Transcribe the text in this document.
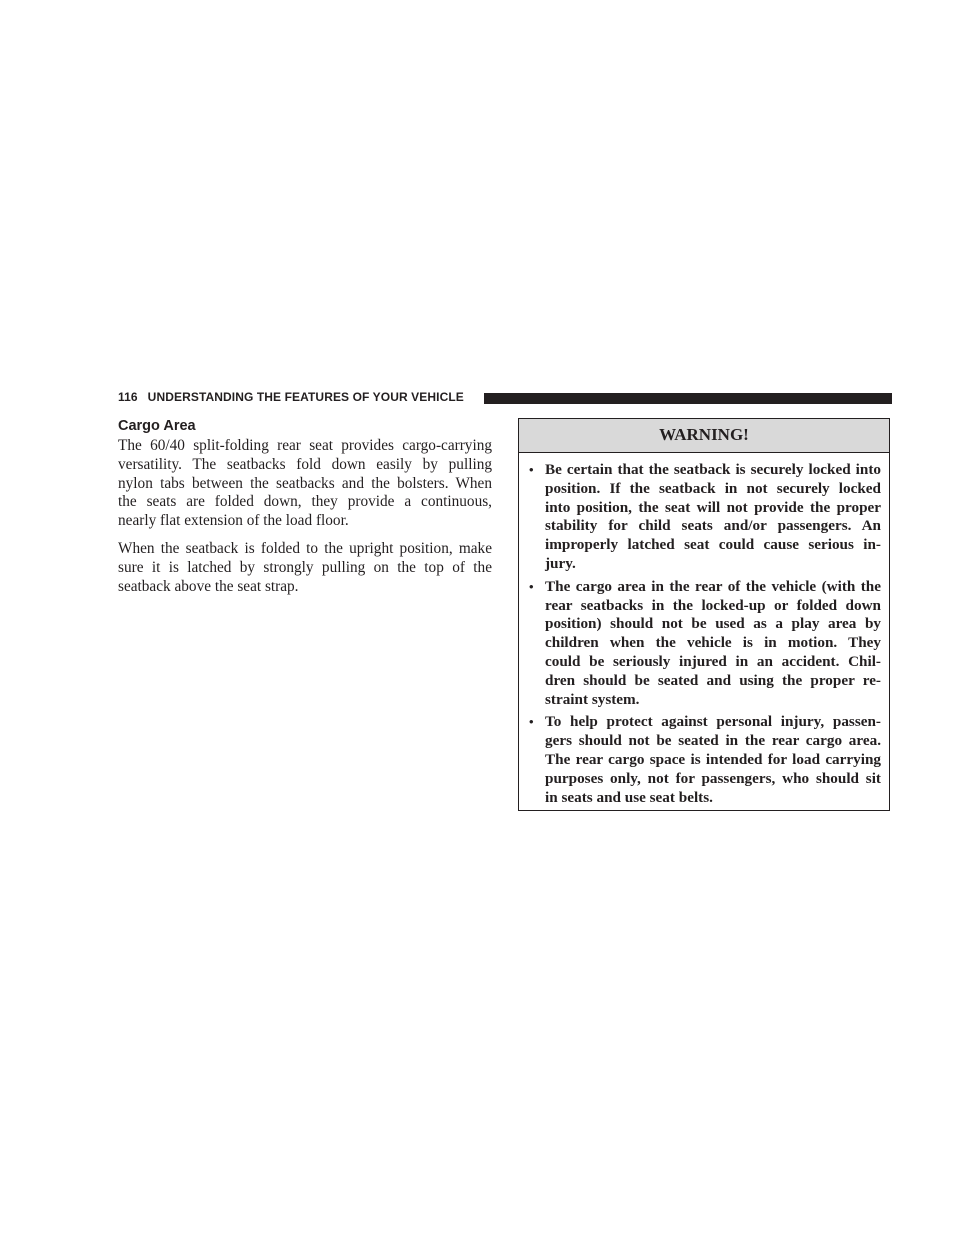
116 UNDERSTANDING THE FEATURES OF YOUR VEHICLE
Cargo Area

The 60/40 split-folding rear seat provides cargo-carrying
versatility. The seatbacks fold down easily by pulling
nylon tabs between the seatbacks and the bolsters. When
the seats are folded down, they provide a continuous,
nearly flat extension of the load floor.

When the seatback is folded to the upright position, make
sure it is latched by strongly pulling on the top of the
seatback above the seat strap.

WARNING!
• Be certain that the seatback is securely locked into
position. If the seatback in not securely locked
into position, the seat will not provide the proper
stability for child seats and/or passengers. An
improperly latched seat could cause serious in-
jury.
• The cargo area in the rear of the vehicle (with the
rear seatbacks in the locked-up or folded down
position) should not be used as a play area by
children when the vehicle is in motion. They
could be seriously injured in an accident. Chil-
dren should be seated and using the proper re-
straint system.
• To help protect against personal injury, passen-
gers should not be seated in the rear cargo area.
The rear cargo space is intended for load carrying
purposes only, not for passengers, who should sit
in seats and use seat belts.
